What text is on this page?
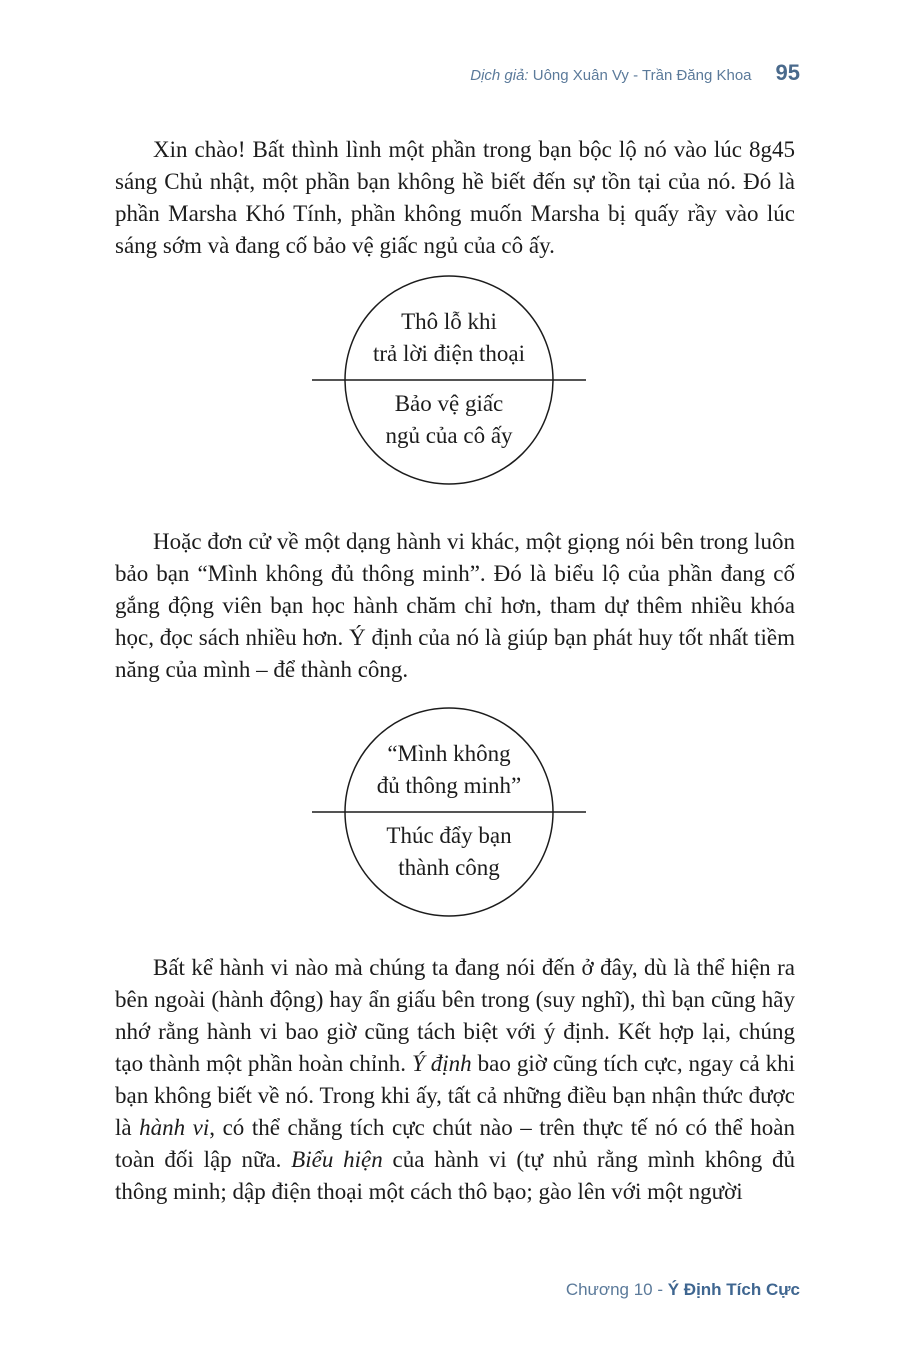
Dịch giả: Uông Xuân Vy - Trần Đăng Khoa 95

Xin chào! Bất thình lình một phần trong bạn bộc lộ nó vào lúc 8g45 sáng Chủ nhật, một phần bạn không hề biết đến sự tồn tại của nó. Đó là phần Marsha Khó Tính, phần không muốn Marsha bị quấy rầy vào lúc sáng sớm và đang cố bảo vệ giấc ngủ của cô ấy.

Thô lỗ khi
trả lời điện thoại
Bảo vệ giấc
ngủ của cô ấy

Hoặc đơn cử về một dạng hành vi khác, một giọng nói bên trong luôn bảo bạn “Mình không đủ thông minh”. Đó là biểu lộ của phần đang cố gắng động viên bạn học hành chăm chỉ hơn, tham dự thêm nhiều khóa học, đọc sách nhiều hơn. Ý định của nó là giúp bạn phát huy tốt nhất tiềm năng của mình – để thành công.

“Mình không
đủ thông minh”
Thúc đẩy bạn
thành công

Bất kể hành vi nào mà chúng ta đang nói đến ở đây, dù là thể hiện ra bên ngoài (hành động) hay ẩn giấu bên trong (suy nghĩ), thì bạn cũng hãy nhớ rằng hành vi bao giờ cũng tách biệt với ý định. Kết hợp lại, chúng tạo thành một phần hoàn chỉnh. Ý định bao giờ cũng tích cực, ngay cả khi bạn không biết về nó. Trong khi ấy, tất cả những điều bạn nhận thức được là hành vi, có thể chẳng tích cực chút nào – trên thực tế nó có thể hoàn toàn đối lập nữa. Biểu hiện của hành vi (tự nhủ rằng mình không đủ thông minh; dập điện thoại một cách thô bạo; gào lên với một người

Chương 10 - Ý Định Tích Cực
